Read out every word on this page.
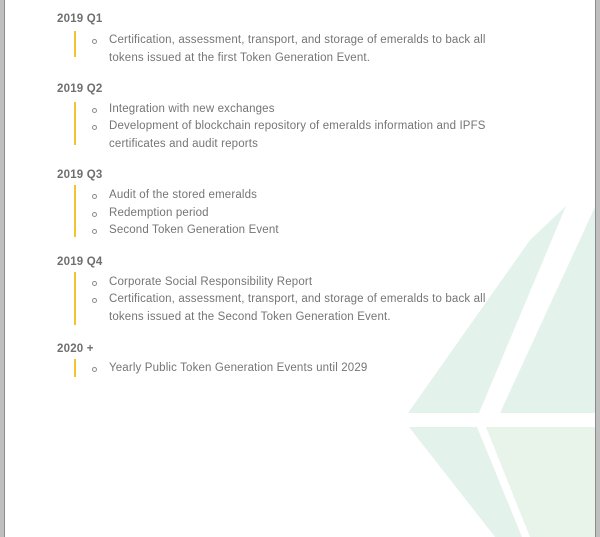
2019 Q1
Certification, assessment, transport, and storage of emeralds to back all tokens issued at the first Token Generation Event.
2019 Q2
Integration with new exchanges
Development of blockchain repository of emeralds information and IPFS certificates and audit reports
2019 Q3
Audit of the stored emeralds
Redemption period
Second Token Generation Event
2019 Q4
Corporate Social Responsibility Report
Certification, assessment, transport, and storage of emeralds to back all tokens issued at the Second Token Generation Event.
2020 +
Yearly Public Token Generation Events until 2029
